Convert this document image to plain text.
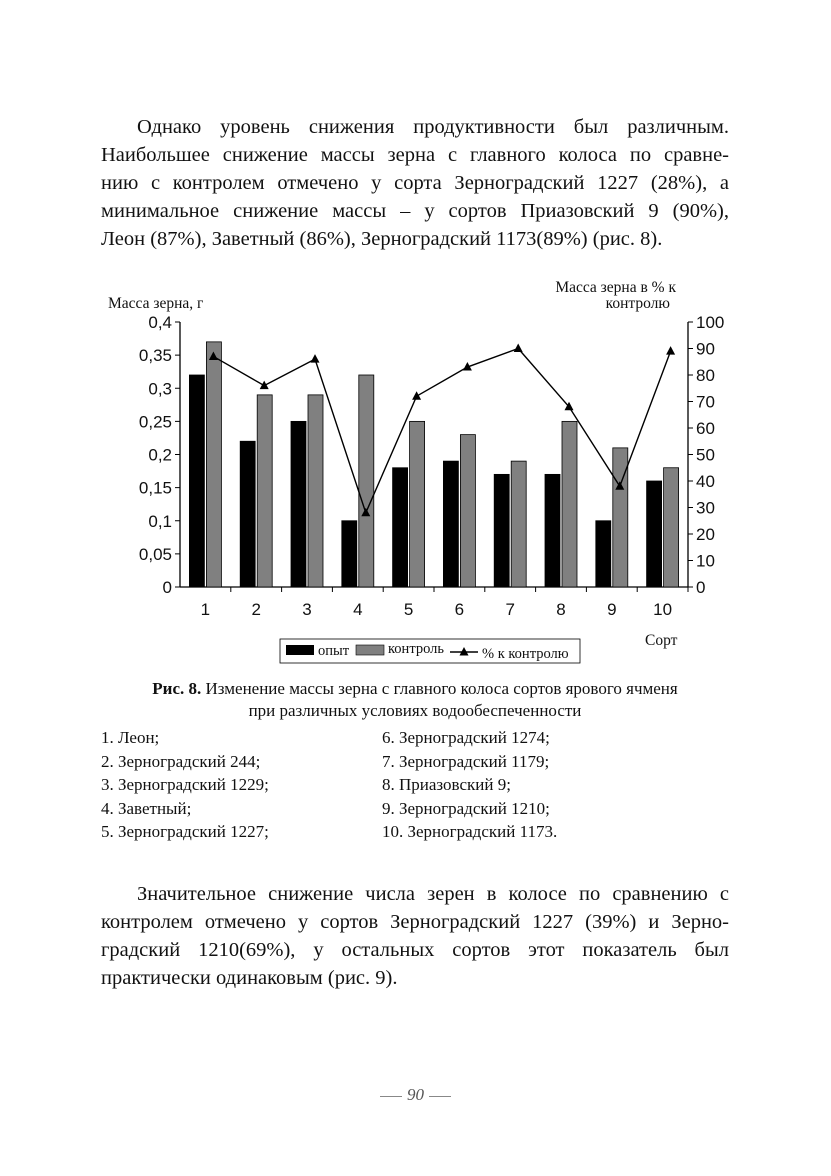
Однако уровень снижения продуктивности был различным.
Наибольшее снижение массы зерна с главного колоса по сравне-
нию с контролем отмечено у сорта Зерноградский 1227 (28%), а
минимальное снижение массы – у сортов Приазовский 9 (90%),
Леон (87%), Заветный (86%), Зерноградский 1173(89%) (рис. 8).
Масса зерна, г
Масса зерна в % к
контролю
0
0,05
0,1
0,15
0,2
0,25
0,3
0,35
0,4
0
10
20
30
40
50
60
70
80
90
100
1 2 3 4 5 6 7 8 9 10
Сорт
опыт	контроль	% к контролю

Рис. 8. Изменение массы зерна с главного колоса сортов ярового ячменя
при различных условиях водообеспеченности

1. Леон;
2. Зерноградский 244;
3. Зерноградский 1229;
4. Заветный;
5. Зерноградский 1227;
6. Зерноградский 1274;
7. Зерноградский 1179;
8. Приазовский 9;
9. Зерноградский 1210;
10. Зерноградский 1173.
Значительное снижение числа зерен в колосе по сравнению с
контролем отмечено у сортов Зерноградский 1227 (39%) и Зерно-
градский 1210(69%), у остальных сортов этот показатель был
практически одинаковым (рис. 9).
90
